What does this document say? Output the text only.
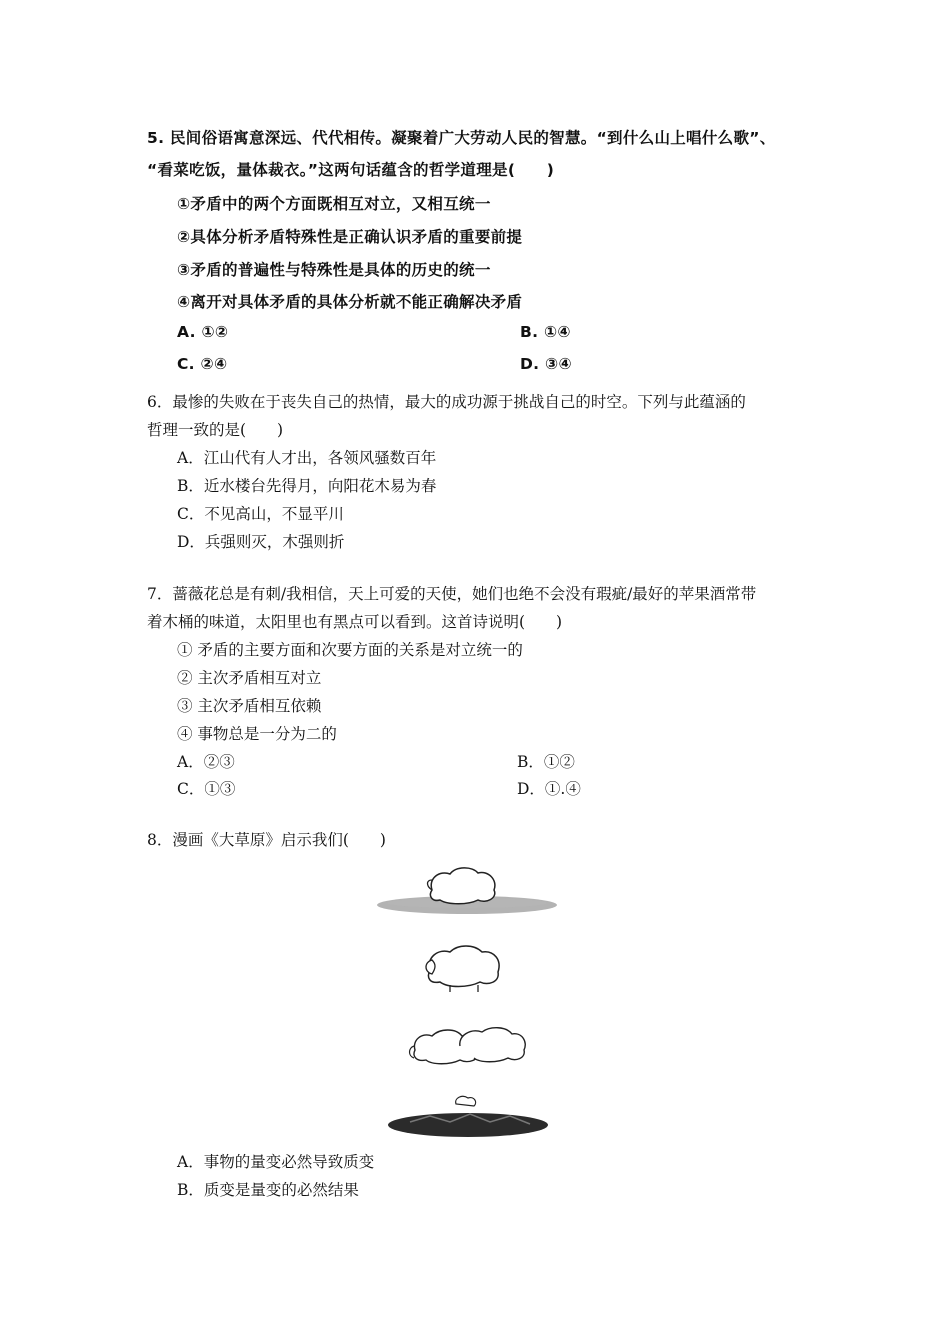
5. 民间俗语寓意深远、代代相传。凝聚着广大劳动人民的智慧。“到什么山上唱什么歌”、
“看菜吃饭，量体裁衣。”这两句话蕴含的哲学道理是(　　)
①矛盾中的两个方面既相互对立，又相互统一
②具体分析矛盾特殊性是正确认识矛盾的重要前提
③矛盾的普遍性与特殊性是具体的历史的统一
④离开对具体矛盾的具体分析就不能正确解决矛盾
A. ①②	B. ①④
C. ②④	D. ③④
6．最惨的失败在于丧失自己的热情，最大的成功源于挑战自己的时空。下列与此蕴涵的
哲理一致的是(　　)
A．江山代有人才出，各领风骚数百年
B．近水楼台先得月，向阳花木易为春
C．不见高山，不显平川
D．兵强则灭，木强则折
7．蔷薇花总是有刺/我相信，天上可爱的天使，她们也绝不会没有瑕疵/最好的苹果酒常带
着木桶的味道，太阳里也有黑点可以看到。这首诗说明(　　)
① 矛盾的主要方面和次要方面的关系是对立统一的
② 主次矛盾相互对立
③ 主次矛盾相互依赖
④ 事物总是一分为二的
A．②③	B．①②
C．①③	D．①.④
8．漫画《大草原》启示我们(　　)
A．事物的量变必然导致质变
B．质变是量变的必然结果
